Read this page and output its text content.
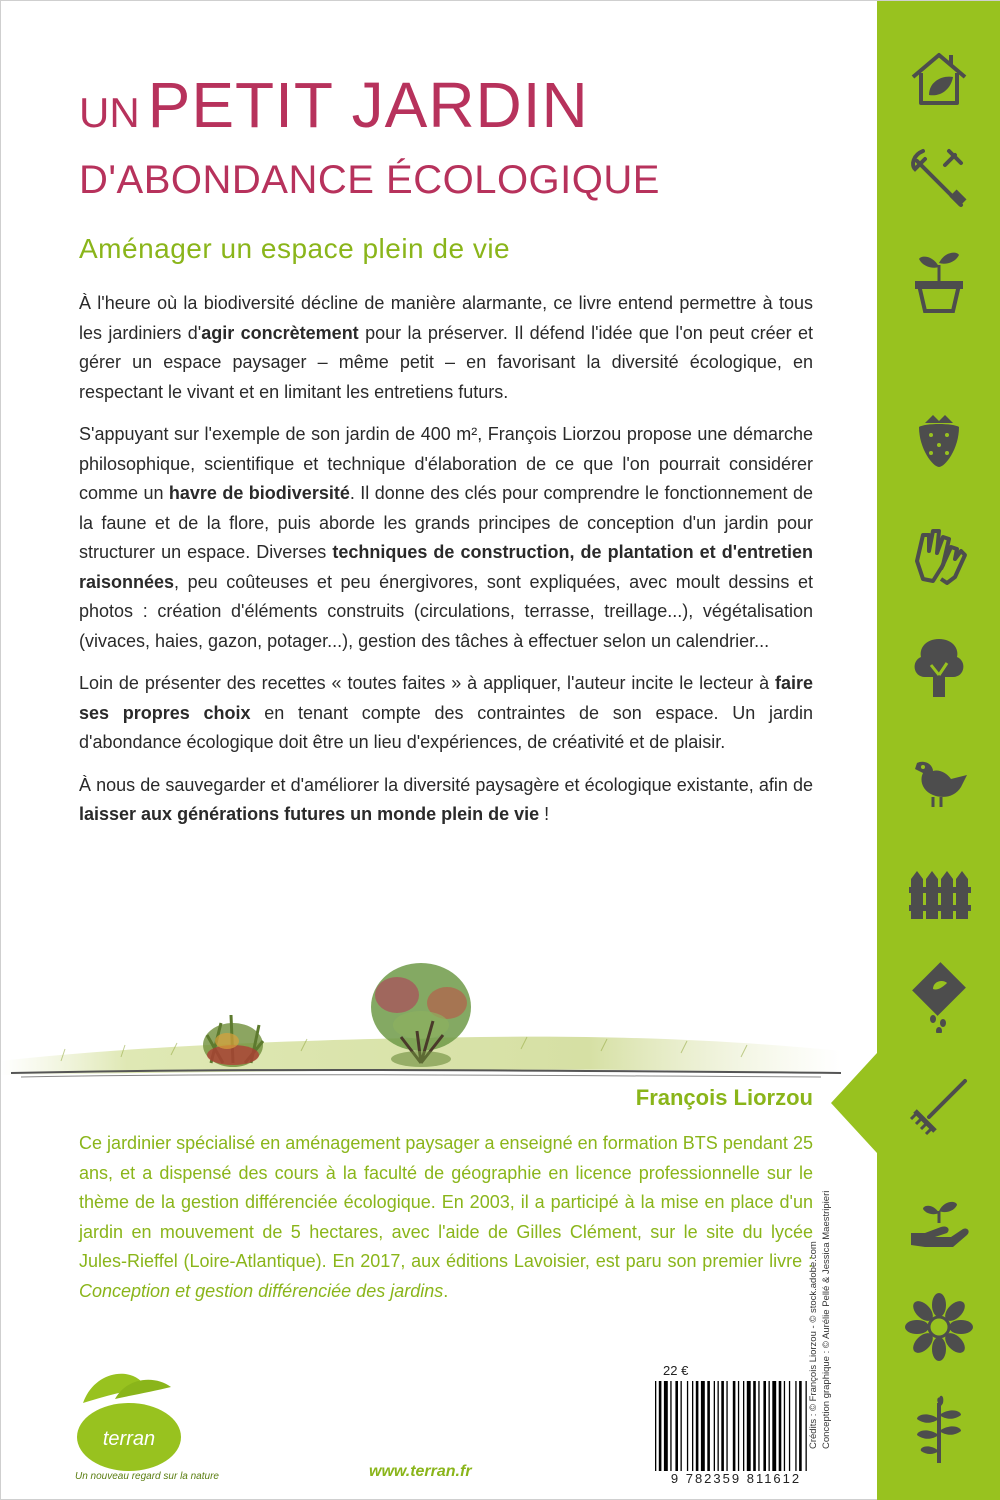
Crédits : © François Liorzou - © stock.adobe.com Conception graphique : © Aurélie Pellé & Jessica Maestripieri
UN PETIT JARDIN
D'ABONDANCE ÉCOLOGIQUE
Aménager un espace plein de vie

À l'heure où la biodiversité décline de manière alarmante, ce livre entend permettre à tous les jardiniers d'agir concrètement pour la préserver. Il défend l'idée que l'on peut créer et gérer un espace paysager – même petit – en favorisant la diversité écologique, en respectant le vivant et en limitant les entretiens futurs.

S'appuyant sur l'exemple de son jardin de 400 m², François Liorzou propose une démarche philosophique, scientifique et technique d'élaboration de ce que l'on pourrait considérer comme un havre de biodiversité. Il donne des clés pour comprendre le fonctionnement de la faune et de la flore, puis aborde les grands principes de conception d'un jardin pour structurer un espace. Diverses techniques de construction, de plantation et d'entretien raisonnées, peu coûteuses et peu énergivores, sont expliquées, avec moult dessins et photos : création d'éléments construits (circulations, terrasse, treillage...), végétalisation (vivaces, haies, gazon, potager...), gestion des tâches à effectuer selon un calendrier...

Loin de présenter des recettes « toutes faites » à appliquer, l'auteur incite le lecteur à faire ses propres choix en tenant compte des contraintes de son espace. Un jardin d'abondance écologique doit être un lieu d'expériences, de créativité et de plaisir.

À nous de sauvegarder et d'améliorer la diversité paysagère et écologique existante, afin de laisser aux générations futures un monde plein de vie !

François Liorzou
Ce jardinier spécialisé en aménagement paysager a enseigné en formation BTS pendant 25 ans, et a dispensé des cours à la faculté de géographie en licence professionnelle sur le thème de la gestion différenciée écologique. En 2003, il a participé à la mise en place d'un jardin en mouvement de 5 hectares, avec l'aide de Gilles Clément, sur le site du lycée Jules-Rieffel (Loire-Atlantique). En 2017, aux éditions Lavoisier, est paru son premier livre : Conception et gestion différenciée des jardins.
terran
Un nouveau regard sur la nature	www.terran.fr
22 €
9 782359 811612
